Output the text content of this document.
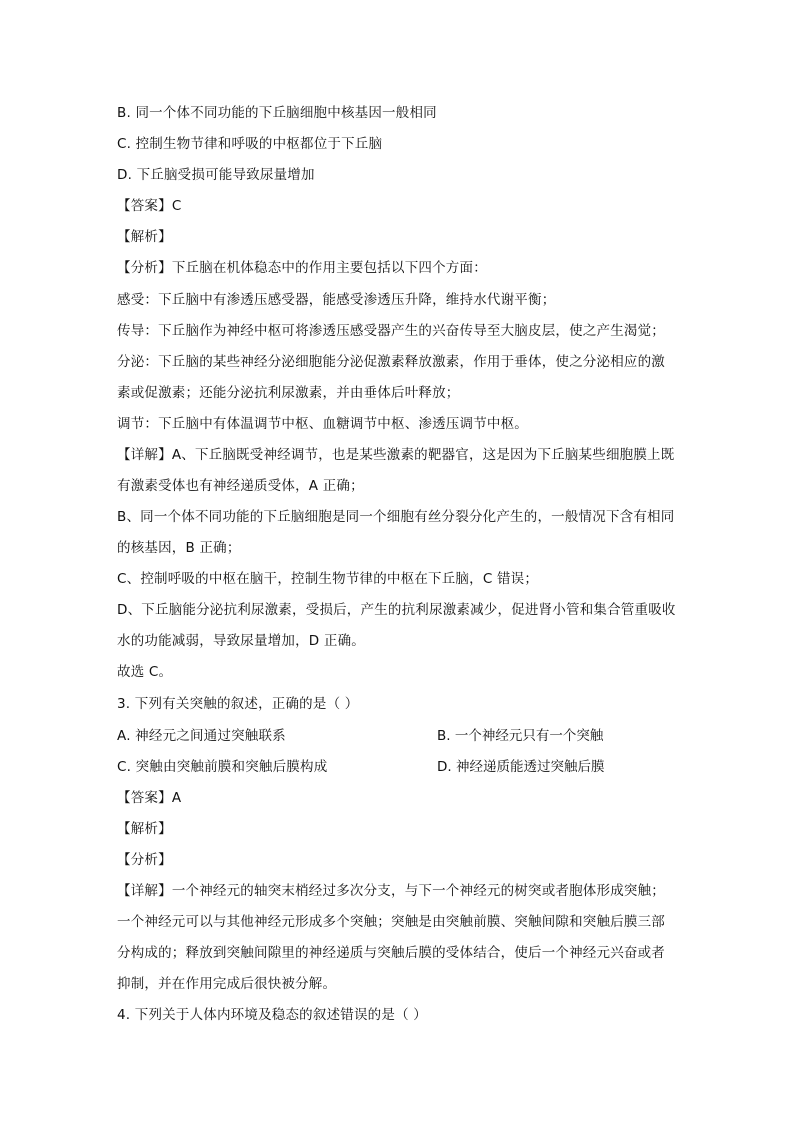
B. 同一个体不同功能的下丘脑细胞中核基因一般相同
C. 控制生物节律和呼吸的中枢都位于下丘脑
D. 下丘脑受损可能导致尿量增加
【答案】C
【解析】
【分析】下丘脑在机体稳态中的作用主要包括以下四个方面：
感受：下丘脑中有渗透压感受器，能感受渗透压升降，维持水代谢平衡；
传导：下丘脑作为神经中枢可将渗透压感受器产生的兴奋传导至大脑皮层，使之产生渴觉；
分泌：下丘脑的某些神经分泌细胞能分泌促激素释放激素，作用于垂体，使之分泌相应的激
素或促激素；还能分泌抗利尿激素，并由垂体后叶释放；
调节：下丘脑中有体温调节中枢、血糖调节中枢、渗透压调节中枢。
【详解】A、下丘脑既受神经调节，也是某些激素的靶器官，这是因为下丘脑某些细胞膜上既
有激素受体也有神经递质受体，A 正确；
B、同一个体不同功能的下丘脑细胞是同一个细胞有丝分裂分化产生的，一般情况下含有相同
的核基因，B 正确；
C、控制呼吸的中枢在脑干，控制生物节律的中枢在下丘脑，C 错误；
D、下丘脑能分泌抗利尿激素，受损后，产生的抗利尿激素减少，促进肾小管和集合管重吸收
水的功能减弱，导致尿量增加，D 正确。
故选 C。
3. 下列有关突触的叙述，正确的是（ ）
A. 神经元之间通过突触联系	B. 一个神经元只有一个突触
C. 突触由突触前膜和突触后膜构成	D. 神经递质能透过突触后膜
【答案】A
【解析】
【分析】
【详解】一个神经元的轴突末梢经过多次分支，与下一个神经元的树突或者胞体形成突触；
一个神经元可以与其他神经元形成多个突触；突触是由突触前膜、突触间隙和突触后膜三部
分构成的；释放到突触间隙里的神经递质与突触后膜的受体结合，使后一个神经元兴奋或者
抑制，并在作用完成后很快被分解。
4. 下列关于人体内环境及稳态的叙述错误的是（ ）
